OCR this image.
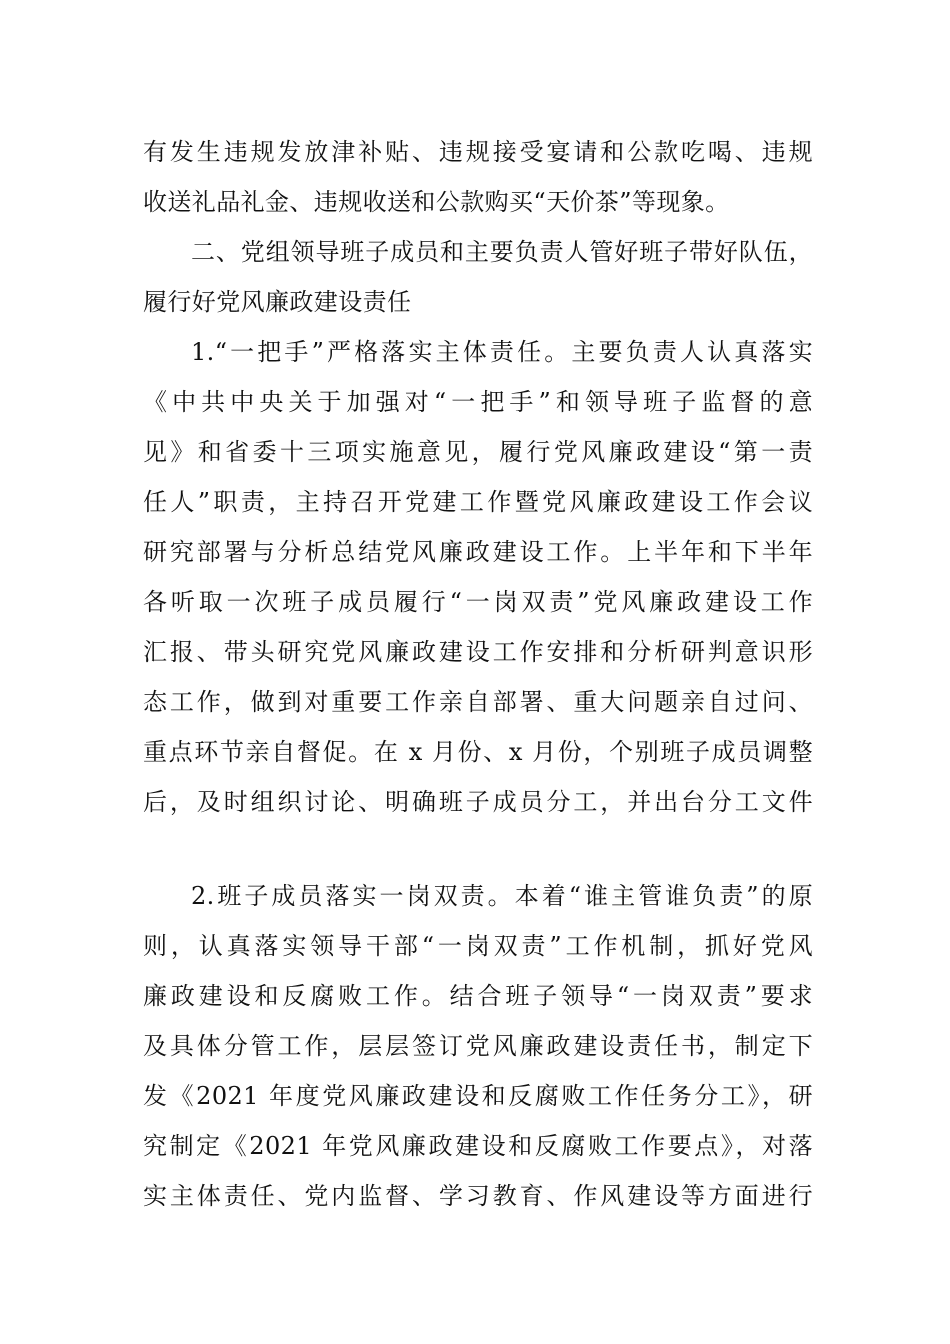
有发生违规发放津补贴、违规接受宴请和公款吃喝、违规
收送礼品礼金、违规收送和公款购买“天价茶”等现象。
二、党组领导班子成员和主要负责人管好班子带好队伍，
履行好党风廉政建设责任
1.“一把手”严格落实主体责任。主要负责人认真落实
《中共中央关于加强对“一把手”和领导班子监督的意
见》和省委十三项实施意见，履行党风廉政建设“第一责
任人”职责，主持召开党建工作暨党风廉政建设工作会议
研究部署与分析总结党风廉政建设工作。上半年和下半年
各听取一次班子成员履行“一岗双责”党风廉政建设工作
汇报、带头研究党风廉政建设工作安排和分析研判意识形
态工作，做到对重要工作亲自部署、重大问题亲自过问、
重点环节亲自督促。在 x 月份、x 月份，个别班子成员调整
后，及时组织讨论、明确班子成员分工，并出台分工文件
2.班子成员落实一岗双责。本着“谁主管谁负责”的原
则，认真落实领导干部“一岗双责”工作机制，抓好党风
廉政建设和反腐败工作。结合班子领导“一岗双责”要求
及具体分管工作，层层签订党风廉政建设责任书，制定下
发《2021 年度党风廉政建设和反腐败工作任务分工》，研
究制定《2021 年党风廉政建设和反腐败工作要点》，对落
实主体责任、党内监督、学习教育、作风建设等方面进行
